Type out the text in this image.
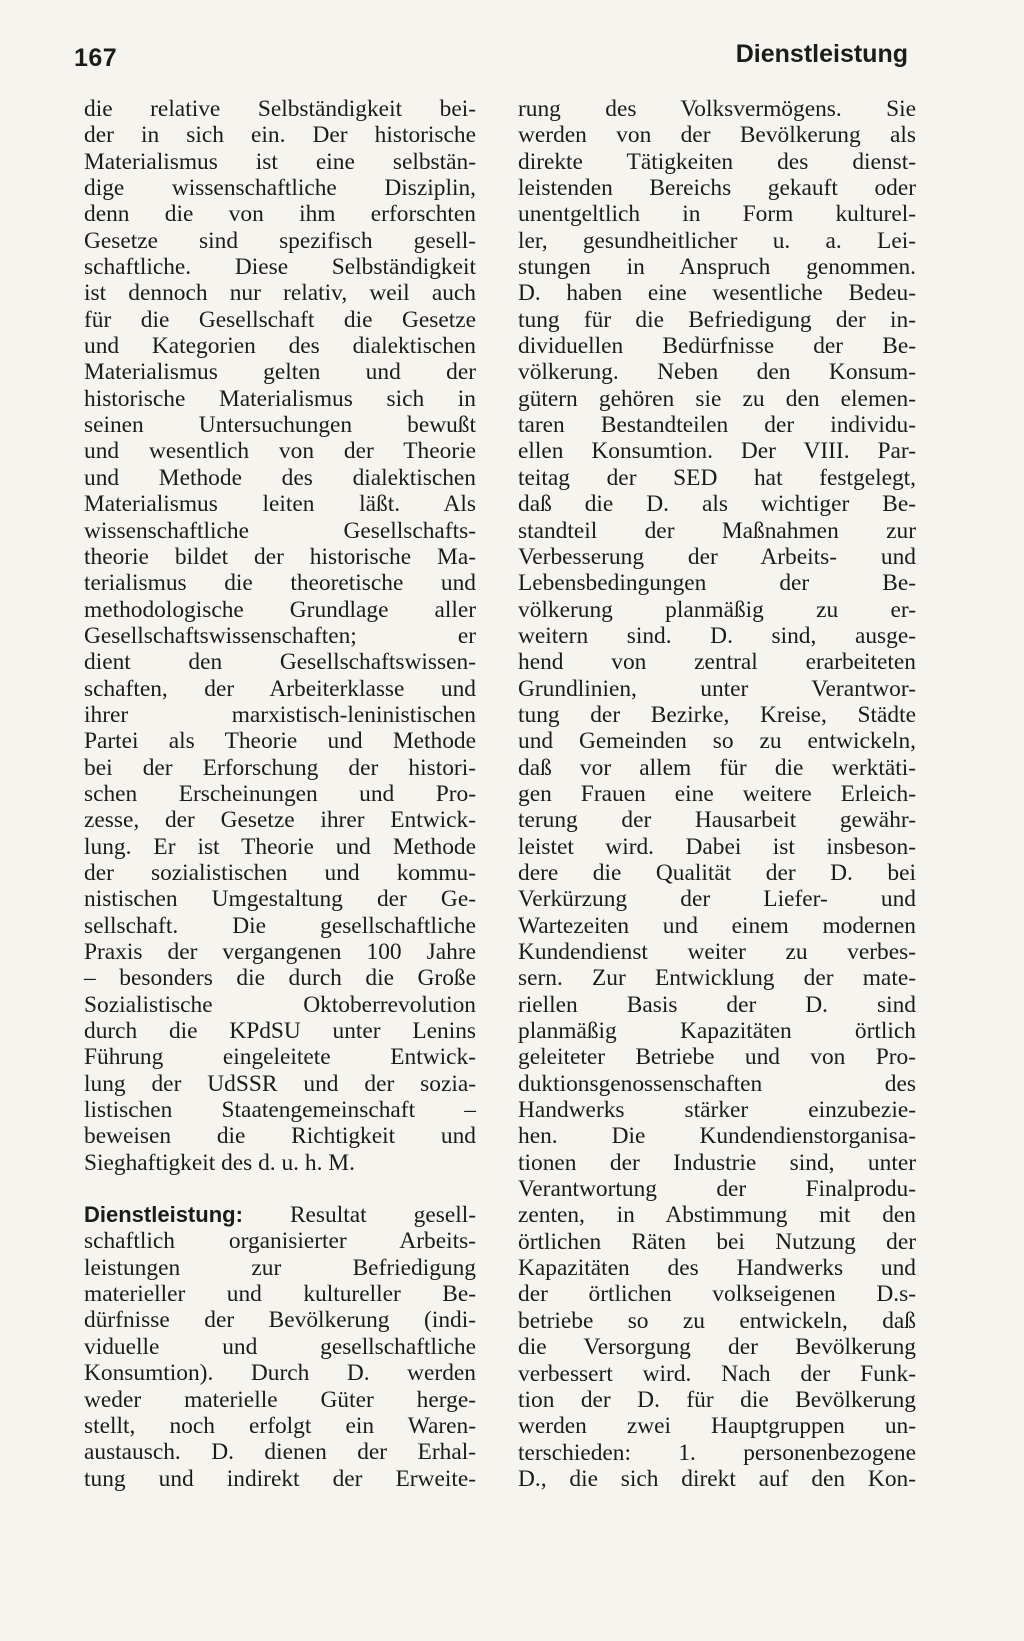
167	Dienstleistung
die relative Selbständigkeit bei-
der in sich ein. Der historische
Materialismus ist eine selbstän-
dige wissenschaftliche Disziplin,
denn die von ihm erforschten
Gesetze sind spezifisch gesell-
schaftliche. Diese Selbständigkeit
ist dennoch nur relativ, weil auch
für die Gesellschaft die Gesetze
und Kategorien des dialektischen
Materialismus gelten und der
historische Materialismus sich in
seinen Untersuchungen bewußt
und wesentlich von der Theorie
und Methode des dialektischen
Materialismus leiten läßt. Als
wissenschaftliche Gesellschafts-
theorie bildet der historische Ma-
terialismus die theoretische und
methodologische Grundlage aller
Gesellschaftswissenschaften; er
dient den Gesellschaftswissen-
schaften, der Arbeiterklasse und
ihrer marxistisch-leninistischen
Partei als Theorie und Methode
bei der Erforschung der histori-
schen Erscheinungen und Pro-
zesse, der Gesetze ihrer Entwick-
lung. Er ist Theorie und Methode
der sozialistischen und kommu-
nistischen Umgestaltung der Ge-
sellschaft. Die gesellschaftliche
Praxis der vergangenen 100 Jahre
– besonders die durch die Große
Sozialistische Oktoberrevolution
durch die KPdSU unter Lenins
Führung eingeleitete Entwick-
lung der UdSSR und der sozia-
listischen Staatengemeinschaft –
beweisen die Richtigkeit und
Sieghaftigkeit des d. u. h. M.
Dienstleistung: Resultat gesell-
schaftlich organisierter Arbeits-
leistungen zur Befriedigung
materieller und kultureller Be-
dürfnisse der Bevölkerung (indi-
viduelle und gesellschaftliche
Konsumtion). Durch D. werden
weder materielle Güter herge-
stellt, noch erfolgt ein Waren-
austausch. D. dienen der Erhal-
tung und indirekt der Erweite-
rung des Volksvermögens. Sie
werden von der Bevölkerung als
direkte Tätigkeiten des dienst-
leistenden Bereichs gekauft oder
unentgeltlich in Form kulturel-
ler, gesundheitlicher u. a. Lei-
stungen in Anspruch genommen.
D. haben eine wesentliche Bedeu-
tung für die Befriedigung der in-
dividuellen Bedürfnisse der Be-
völkerung. Neben den Konsum-
gütern gehören sie zu den elemen-
taren Bestandteilen der individu-
ellen Konsumtion. Der VIII. Par-
teitag der SED hat festgelegt,
daß die D. als wichtiger Be-
standteil der Maßnahmen zur
Verbesserung der Arbeits- und
Lebensbedingungen der Be-
völkerung planmäßig zu er-
weitern sind. D. sind, ausge-
hend von zentral erarbeiteten
Grundlinien, unter Verantwor-
tung der Bezirke, Kreise, Städte
und Gemeinden so zu entwickeln,
daß vor allem für die werktäti-
gen Frauen eine weitere Erleich-
terung der Hausarbeit gewähr-
leistet wird. Dabei ist insbeson-
dere die Qualität der D. bei
Verkürzung der Liefer- und
Wartezeiten und einem modernen
Kundendienst weiter zu verbes-
sern. Zur Entwicklung der mate-
riellen Basis der D. sind
planmäßig Kapazitäten örtlich
geleiteter Betriebe und von Pro-
duktionsgenossenschaften des
Handwerks stärker einzubezie-
hen. Die Kundendienstorganisa-
tionen der Industrie sind, unter
Verantwortung der Finalprodu-
zenten, in Abstimmung mit den
örtlichen Räten bei Nutzung der
Kapazitäten des Handwerks und
der örtlichen volkseigenen D.s-
betriebe so zu entwickeln, daß
die Versorgung der Bevölkerung
verbessert wird. Nach der Funk-
tion der D. für die Bevölkerung
werden zwei Hauptgruppen un-
terschieden: 1. personenbezogene
D., die sich direkt auf den Kon-
